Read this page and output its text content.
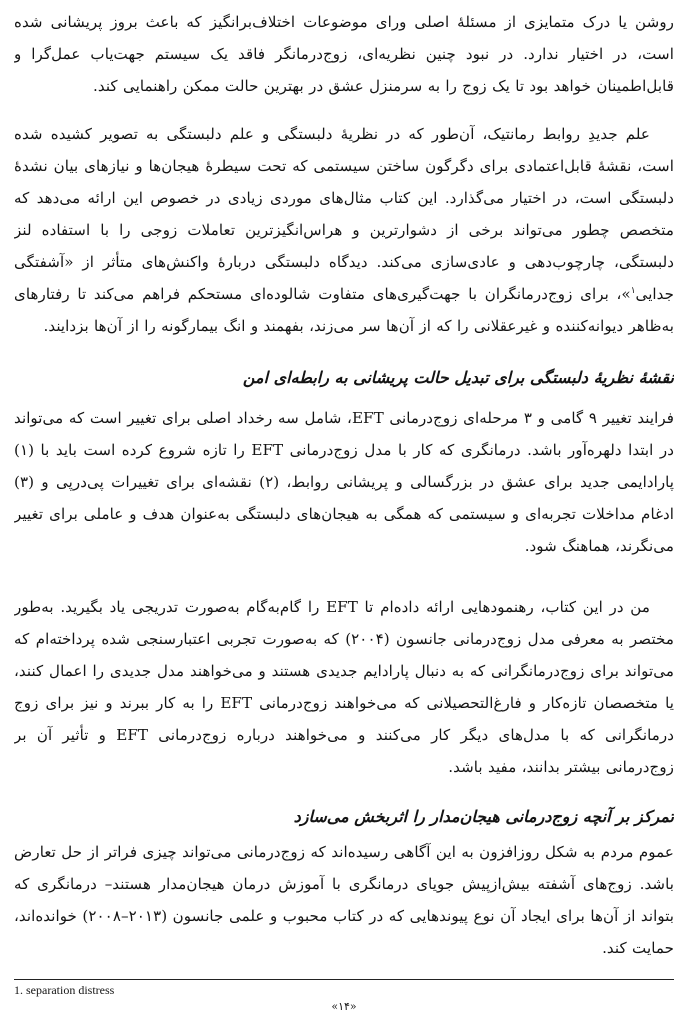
روشن یا درک متمایزی از مسئلهٔ اصلی ورای موضوعات اختلاف‌برانگیز که باعث بروز پریشانی شده است، در اختیار ندارد. در نبود چنین نظریه‌ای، زوج‌درمانگر فاقد یک سیستم جهت‌یاب عمل‌گرا و قابل‌اطمینان خواهد بود تا یک زوج را به سرمنزل عشق در بهترین حالت ممکن راهنمایی کند.

علم جدیدِ روابط رمانتیک، آن‌طور که در نظریهٔ دلبستگی و علم دلبستگی به تصویر کشیده شده است، نقشهٔ قابل‌اعتمادی برای دگرگون ساختن سیستمی که تحت سیطرهٔ هیجان‌ها و نیازهای بیان نشدهٔ دلبستگی است، در اختیار می‌گذارد. این کتاب مثال‌های موردی زیادی در خصوص این ارائه می‌دهد که متخصص چطور می‌تواند برخی از دشوارترین و هراس‌انگیزترین تعاملات زوجی را با استفاده لنز دلبستگی، چارچوب‌دهی و عادی‌سازی می‌کند. دیدگاه دلبستگی دربارهٔ واکنش‌های متأثر از «آشفتگی جدایی$^۱$»، برای زوج‌درمانگران با جهت‌گیری‌های متفاوت شالوده‌ای مستحکم فراهم می‌کند تا رفتارهای به‌ظاهر دیوانه‌کننده و غیرعقلانی را که از آن‌ها سر می‌زند، بفهمند و انگ بیمارگونه را از آن‌ها بزدایند.

نقشهٔ نظریهٔ دلبستگی برای تبدیل حالت پریشانی به رابطه‌ای امن

فرایند تغییر ۹ گامی و ۳ مرحله‌ای زوج‌درمانی EFT، شامل سه رخداد اصلی برای تغییر است که می‌تواند در ابتدا دلهره‌آور باشد. درمانگری که کار با مدل زوج‌درمانی EFT را تازه شروع کرده است باید با (۱) پارادایمی جدید برای عشق در بزرگسالی و پریشانی روابط، (۲) نقشه‌ای برای تغییرات پی‌درپی و (۳) ادغام مداخلات تجربه‌ای و سیستمی که همگی به هیجان‌های دلبستگی به‌عنوان هدف و عاملی برای تغییر می‌نگرند، هماهنگ شود.

من در این کتاب، رهنمودهایی ارائه داده‌ام تا EFT را گام‌به‌گام به‌صورت تدریجی یاد بگیرید. به‌طور مختصر به معرفی مدل زوج‌درمانی جانسون (۲۰۰۴) که به‌صورت تجربی اعتبارسنجی شده پرداخته‌ام که می‌تواند برای زوج‌درمانگرانی که به دنبال پارادایم جدیدی هستند و می‌خواهند مدل جدیدی را اعمال کنند، یا متخصصان تازه‌کار و فارغ‌التحصیلانی که می‌خواهند زوج‌درمانی EFT را به کار ببرند و نیز برای زوج درمانگرانی که با مدل‌های دیگر کار می‌کنند و می‌خواهند درباره زوج‌درمانی EFT و تأثیر آن بر زوج‌درمانی بیشتر بدانند، مفید باشد.

تمرکز بر آنچه زوج‌درمانی هیجان‌مدار را اثربخش می‌سازد

عموم مردم به شکل روزافزون به این آگاهی رسیده‌اند که زوج‌درمانی می‌تواند چیزی فراتر از حل تعارض باشد. زوج‌های آشفته بیش‌ازپیش جویای درمانگری با آموزش درمان هیجان‌مدار هستند– درمانگری که بتواند از آن‌ها برای ایجاد آن نوع پیوندهایی که در کتاب محبوب و علمی جانسون (۲۰۱۳–۲۰۰۸) خوانده‌اند، حمایت کند.

1. separation distress
«۱۴»
